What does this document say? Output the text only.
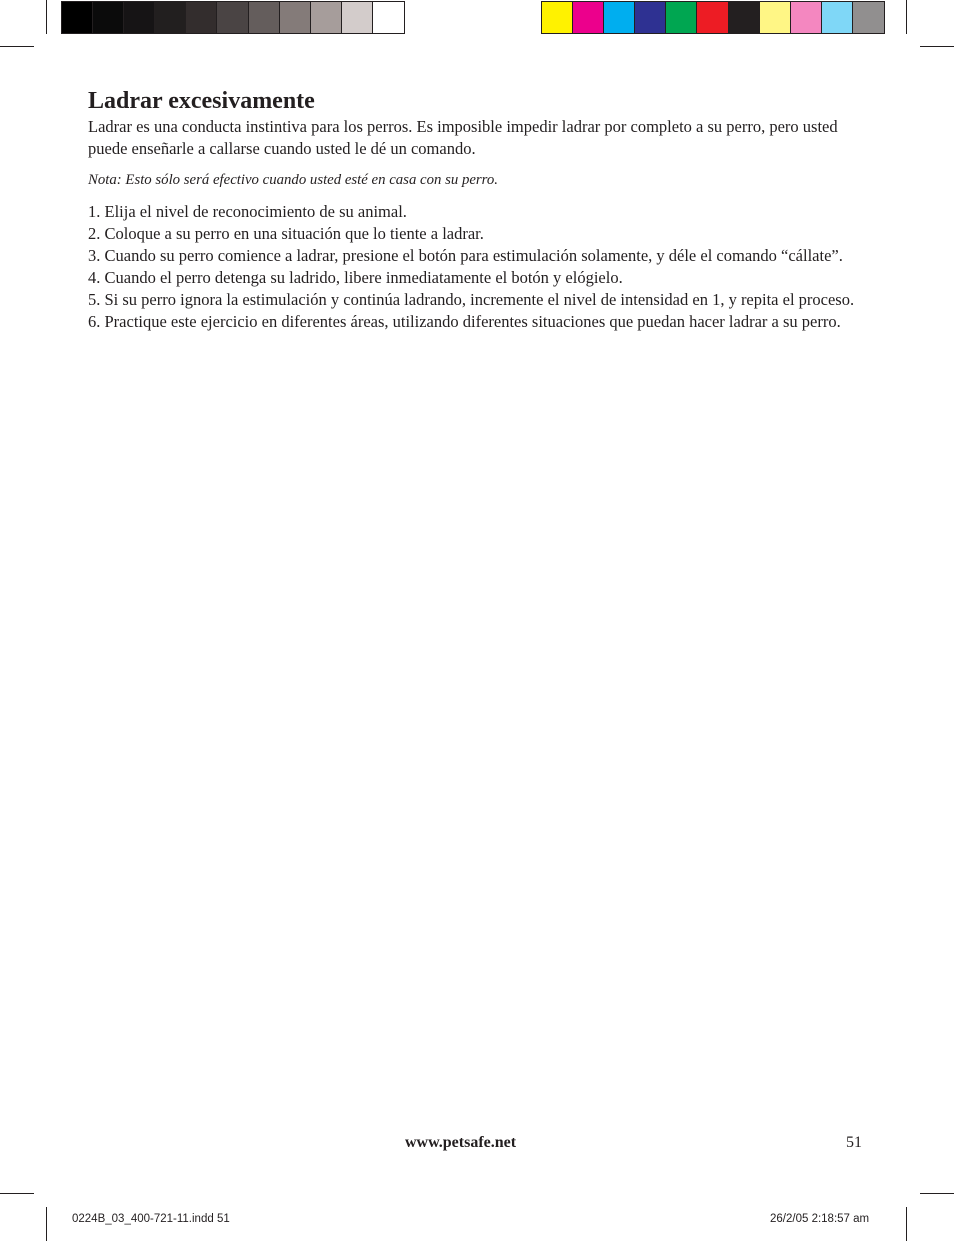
Ladrar excesivamente

Ladrar es una conducta instintiva para los perros. Es imposible impedir ladrar por completo a su perro, pero usted puede enseñarle a callarse cuando usted le dé un comando.

Nota: Esto sólo será efectivo cuando usted esté en casa con su perro.

1. Elija el nivel de reconocimiento de su animal.
2. Coloque a su perro en una situación que lo tiente a ladrar.
3. Cuando su perro comience a ladrar, presione el botón para estimulación solamente, y déle el comando “cállate”.
4. Cuando el perro detenga su ladrido, libere inmediatamente el botón y elógielo.
5. Si su perro ignora la estimulación y continúa ladrando, incremente el nivel de intensidad en 1, y repita el proceso.
6. Practique este ejercicio en diferentes áreas, utilizando diferentes situaciones que puedan hacer ladrar a su perro.
www.petsafe.net	51
0224B_03_400-721-11.indd 51	26/2/05 2:18:57 am
